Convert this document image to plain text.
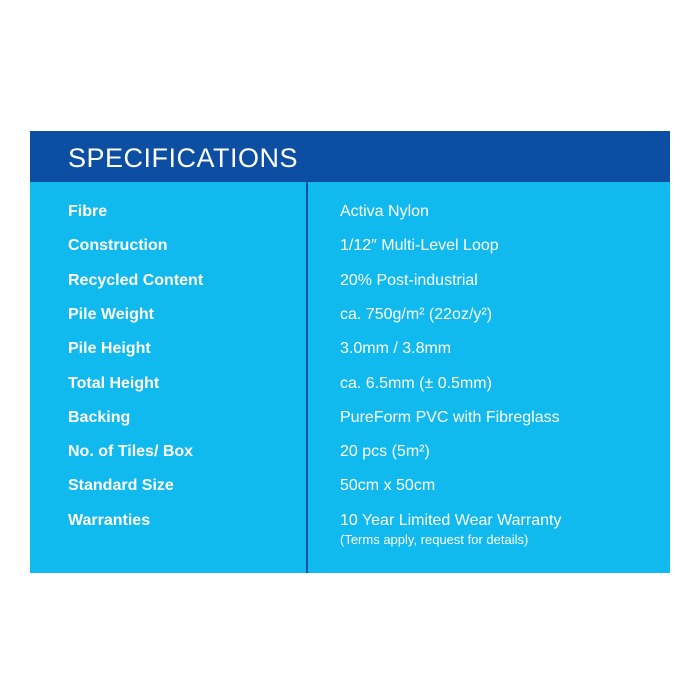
SPECIFICATIONS
Fibre	Activa Nylon
Construction	1/12″ Multi-Level Loop
Recycled Content	20% Post-industrial
Pile Weight	ca. 750g/m² (22oz/y²)
Pile Height	3.0mm / 3.8mm
Total Height	ca. 6.5mm (± 0.5mm)
Backing	PureForm PVC with Fibreglass
No. of Tiles/ Box	20 pcs (5m²)
Standard Size	50cm x 50cm
Warranties	10 Year Limited Wear Warranty
(Terms apply, request for details)
